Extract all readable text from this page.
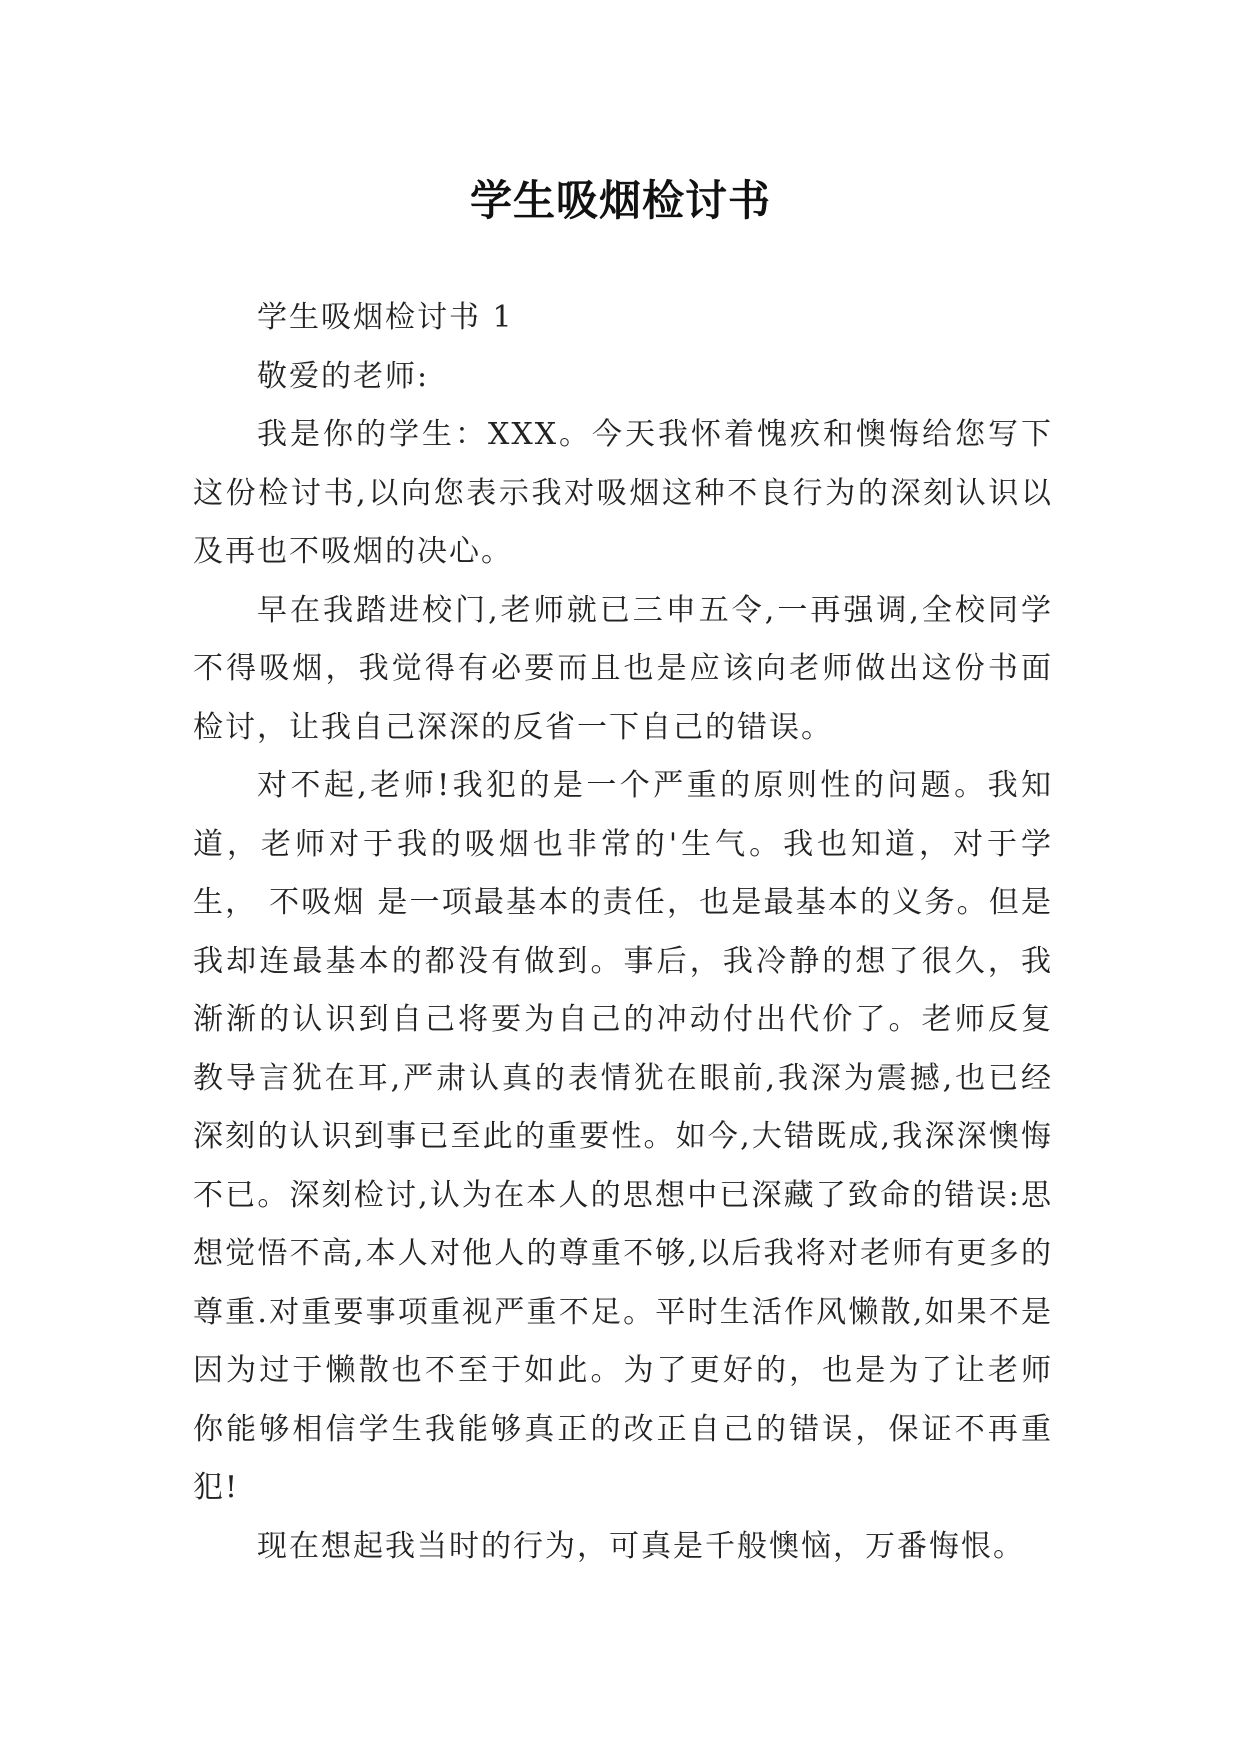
学生吸烟检讨书

学生吸烟检讨书 1

敬爱的老师:

我是你的学生：XXX。今天我怀着愧疚和懊悔给您写下这份检讨书,以向您表示我对吸烟这种不良行为的深刻认识以及再也不吸烟的决心。

早在我踏进校门,老师就已三申五令,一再强调,全校同学不得吸烟，我觉得有必要而且也是应该向老师做出这份书面检讨，让我自己深深的反省一下自己的错误。

对不起,老师!我犯的是一个严重的原则性的问题。我知道，老师对于我的吸烟也非常的'生气。我也知道，对于学生， 不吸烟 是一项最基本的责任，也是最基本的义务。但是我却连最基本的都没有做到。事后，我冷静的想了很久，我渐渐的认识到自己将要为自己的冲动付出代价了。老师反复教导言犹在耳,严肃认真的表情犹在眼前,我深为震撼,也已经深刻的认识到事已至此的重要性。如今,大错既成,我深深懊悔不已。深刻检讨,认为在本人的思想中已深藏了致命的错误:思想觉悟不高,本人对他人的尊重不够,以后我将对老师有更多的尊重.对重要事项重视严重不足。平时生活作风懒散,如果不是因为过于懒散也不至于如此。为了更好的，也是为了让老师你能够相信学生我能够真正的改正自己的错误，保证不再重犯!

现在想起我当时的行为，可真是千般懊恼，万番悔恨。
